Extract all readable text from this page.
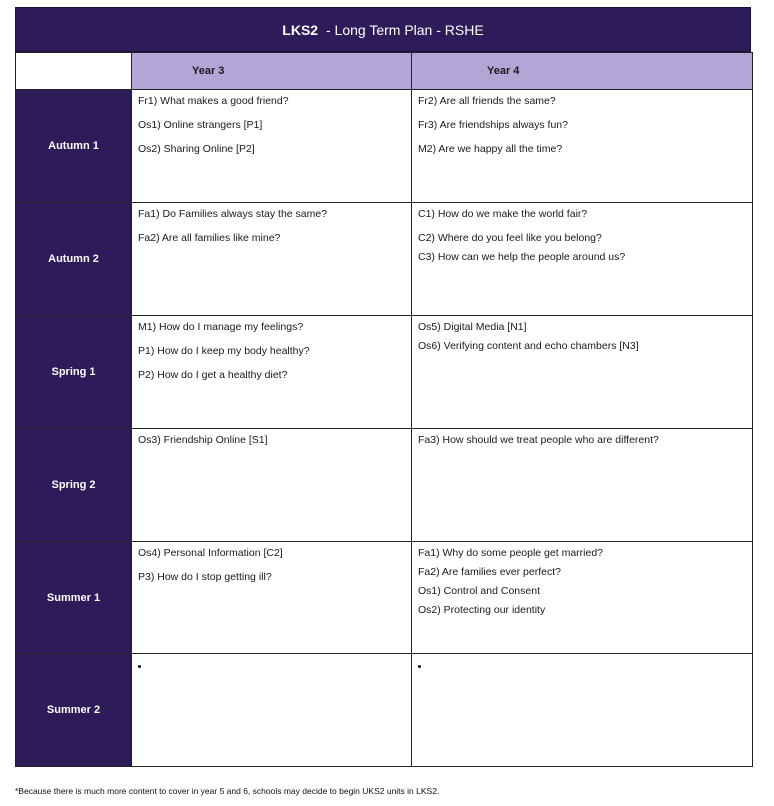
LKS2 - Long Term Plan - RSHE
	Year 3	Year 4
Autumn 1	Fr1) What makes a good friend?
Os1) Online strangers [P1]
Os2) Sharing Online [P2]	Fr2) Are all friends the same?
Fr3) Are friendships always fun?
M2) Are we happy all the time?

Autumn 2	Fa1) Do Families always stay the same?
Fa2) Are all families like mine?	C1) How do we make the world fair?
C2) Where do you feel like you belong?
C3) How can we help the people around us?

Spring 1	M1) How do I manage my feelings?
P1) How do I keep my body healthy?
P2) How do I get a healthy diet?	Os5) Digital Media [N1]
Os6) Verifying content and echo chambers [N3]

Spring 2	Os3) Friendship Online [S1]	Fa3) How should we treat people who are different?

Summer 1	Os4) Personal Information [C2]
P3) How do I stop getting ill?	Fa1) Why do some people get married?
Fa2) Are families ever perfect?
Os1) Control and Consent
Os2) Protecting our identity

Summer 2		
*Because there is much more content to cover in year 5 and 6, schools may decide to begin UKS2 units in LKS2.
